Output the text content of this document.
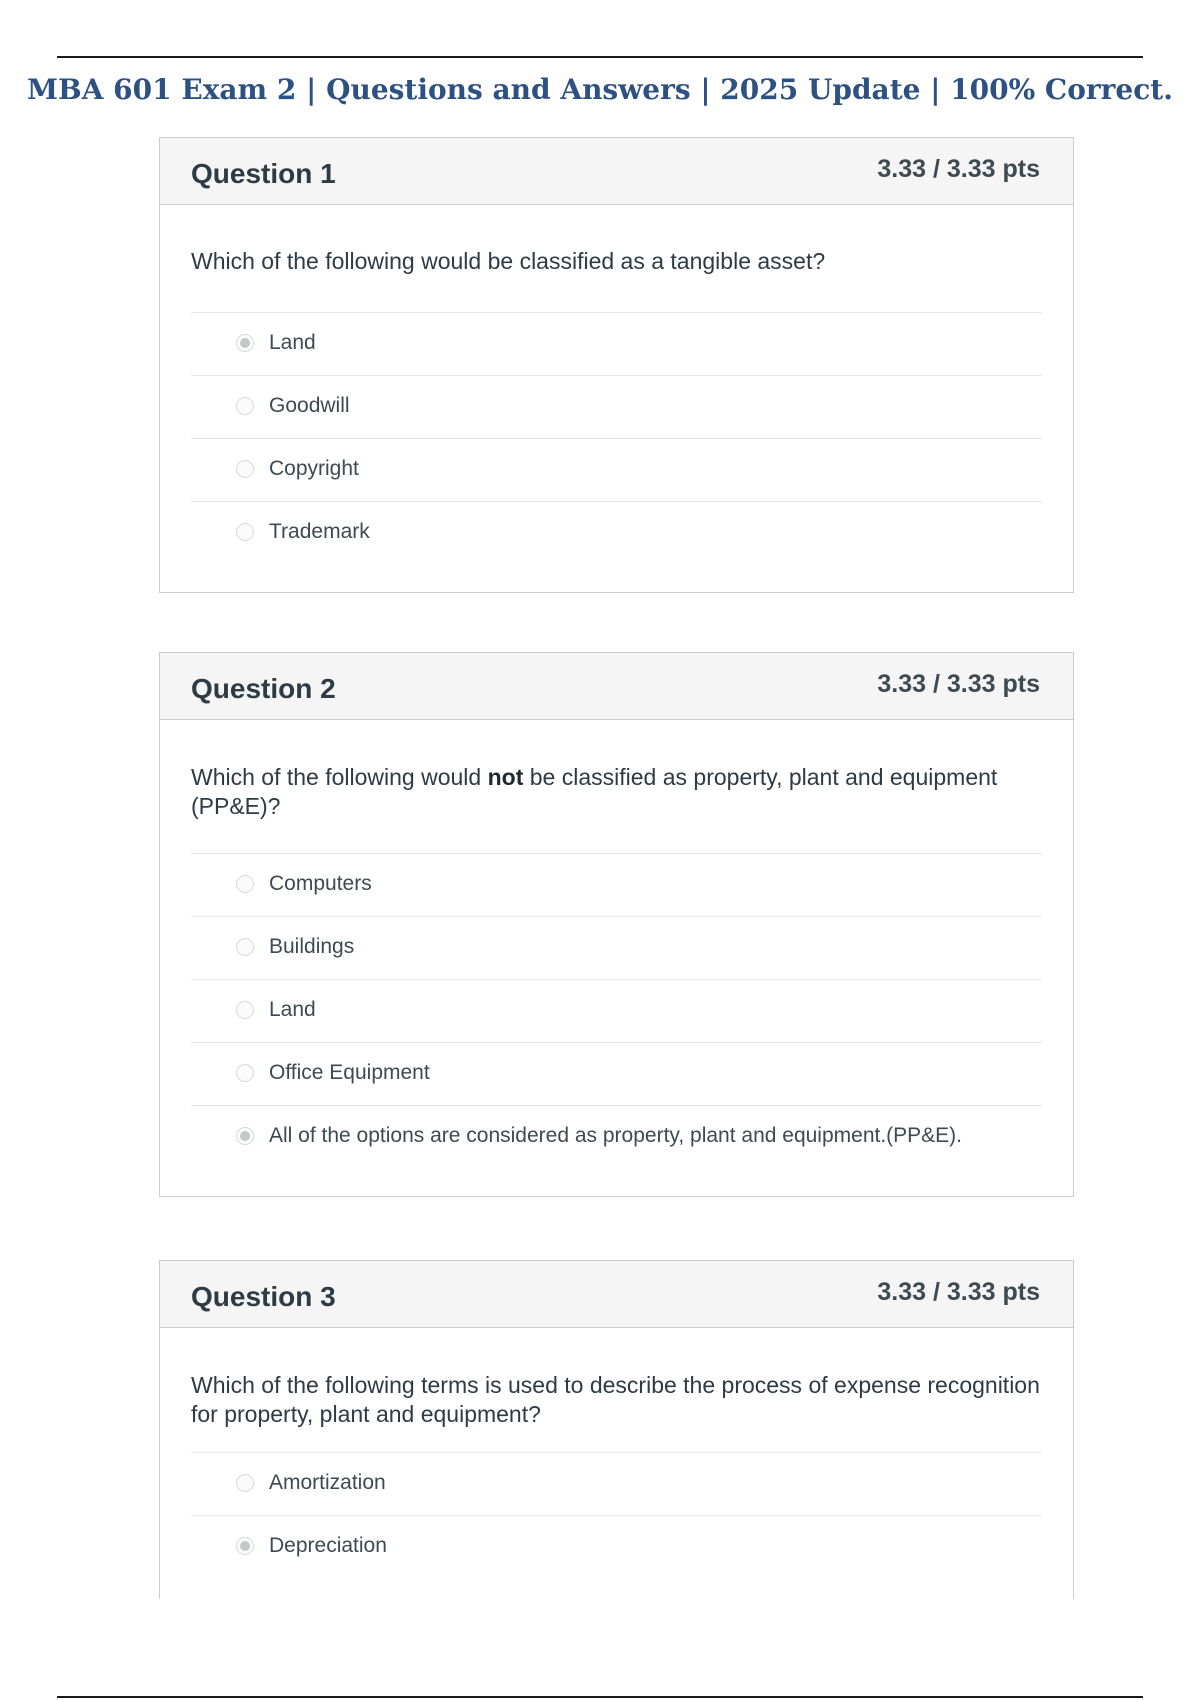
MBA 601 Exam 2 | Questions and Answers | 2025 Update | 100% Correct.
Question 1	3.33 / 3.33 pts
Which of the following would be classified as a tangible asset?
Land
Goodwill
Copyright
Trademark
Question 2	3.33 / 3.33 pts
Which of the following would not be classified as property, plant and equipment (PP&E)?
Computers
Buildings
Land
Office Equipment
All of the options are considered as property, plant and equipment.(PP&E).
Question 3	3.33 / 3.33 pts
Which of the following terms is used to describe the process of expense recognition for property, plant and equipment?
Amortization
Depreciation
